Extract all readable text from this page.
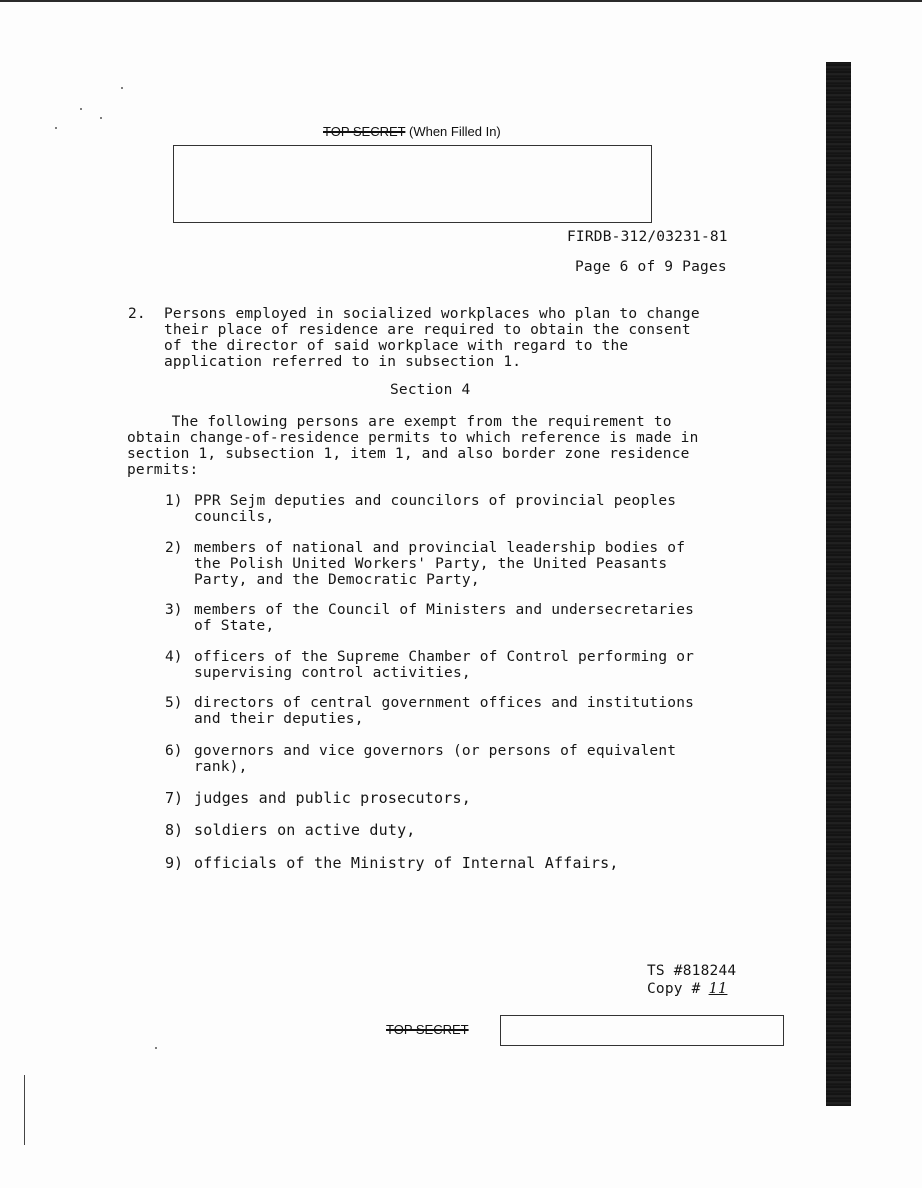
TOP SECRET (When Filled In)
FIRDB-312/03231-81
Page 6 of 9 Pages
2. Persons employed in socialized workplaces who plan to change
their place of residence are required to obtain the consent
of the director of said workplace with regard to the
application referred to in subsection 1.
Section 4
The following persons are exempt from the requirement to
obtain change-of-residence permits to which reference is made in
section 1, subsection 1, item 1, and also border zone residence
permits:
1) PPR Sejm deputies and councilors of provincial peoples
councils,
2) members of national and provincial leadership bodies of
the Polish United Workers' Party, the United Peasants
Party, and the Democratic Party,
3) members of the Council of Ministers and undersecretaries
of State,
4) officers of the Supreme Chamber of Control performing or
supervising control activities,
5) directors of central government offices and institutions
and their deputies,
6) governors and vice governors (or persons of equivalent
rank),
7) judges and public prosecutors,
8) soldiers on active duty,
9) officials of the Ministry of Internal Affairs,
TS #818244
Copy # 11
TOP SECRET
